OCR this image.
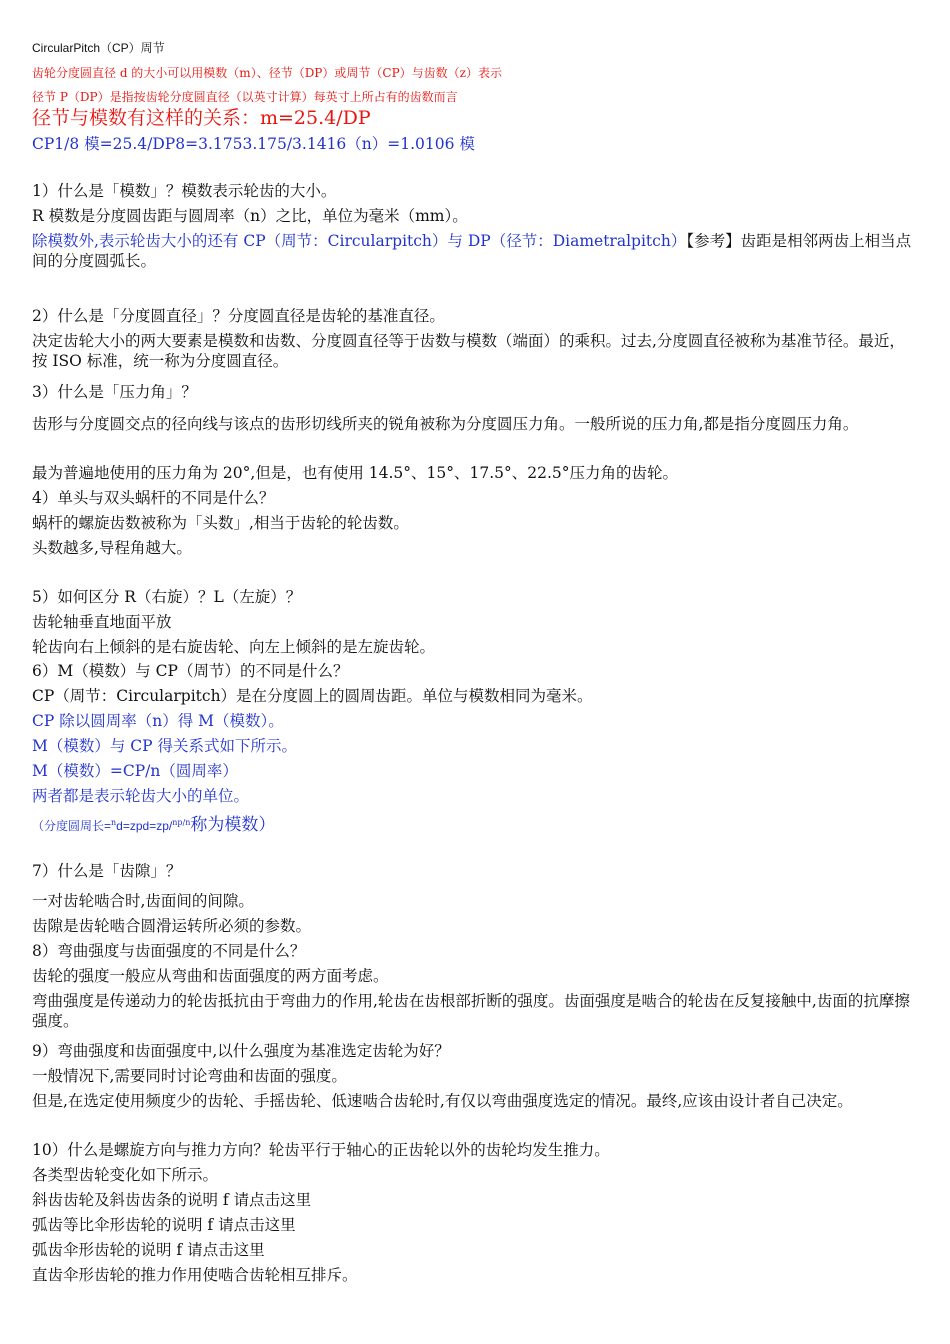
CircularPitch（CP）周节
齿轮分度圆直径 d 的大小可以用模数（m）、径节（DP）或周节（CP）与齿数（z）表示
径节 P（DP）是指按齿轮分度圆直径（以英寸计算）每英寸上所占有的齿数而言
径节与模数有这样的关系：m=25.4/DP
CP1/8 模=25.4/DP8=3.1753.175/3.1416（n）=1.0106 模
1）什么是「模数」？模数表示轮齿的大小。
R 模数是分度圆齿距与圆周率（n）之比，单位为毫米（mm）。
除模数外,表示轮齿大小的还有 CP（周节：Circularpitch）与 DP（径节：Diametralpitch）【参考】齿距是相邻两齿上相当点间的分度圆弧长。
2）什么是「分度圆直径」？分度圆直径是齿轮的基准直径。
决定齿轮大小的两大要素是模数和齿数、分度圆直径等于齿数与模数（端面）的乘积。过去,分度圆直径被称为基准节径。最近，按 ISO 标准，统一称为分度圆直径。
3）什么是「压力角」？
齿形与分度圆交点的径向线与该点的齿形切线所夹的锐角被称为分度圆压力角。一般所说的压力角,都是指分度圆压力角。
最为普遍地使用的压力角为 20°,但是，也有使用 14.5°、15°、17.5°、22.5°压力角的齿轮。
4）单头与双头蜗杆的不同是什么？
蜗杆的螺旋齿数被称为「头数」,相当于齿轮的轮齿数。
头数越多,导程角越大。
5）如何区分 R（右旋）？L（左旋）？
齿轮轴垂直地面平放
轮齿向右上倾斜的是右旋齿轮、向左上倾斜的是左旋齿轮。
6）M（模数）与 CP（周节）的不同是什么？
CP（周节：Circularpitch）是在分度圆上的圆周齿距。单位与模数相同为毫米。
CP 除以圆周率（n）得 M（模数）。
M（模数）与 CP 得关系式如下所示。
M（模数）=CP/n（圆周率）
两者都是表示轮齿大小的单位。
（分度圆周长=$^n$d=zpd=zp/$^{np/n}$称为模数）
7）什么是「齿隙」？
一对齿轮啮合时,齿面间的间隙。
齿隙是齿轮啮合圆滑运转所必须的参数。
8）弯曲强度与齿面强度的不同是什么？
齿轮的强度一般应从弯曲和齿面强度的两方面考虑。
弯曲强度是传递动力的轮齿抵抗由于弯曲力的作用,轮齿在齿根部折断的强度。齿面强度是啮合的轮齿在反复接触中,齿面的抗摩擦强度。
9）弯曲强度和齿面强度中,以什么强度为基准选定齿轮为好？
一般情况下,需要同时讨论弯曲和齿面的强度。
但是,在选定使用频度少的齿轮、手摇齿轮、低速啮合齿轮时,有仅以弯曲强度选定的情况。最终,应该由设计者自己决定。
10）什么是螺旋方向与推力方向？轮齿平行于轴心的正齿轮以外的齿轮均发生推力。
各类型齿轮变化如下所示。
斜齿齿轮及斜齿齿条的说明 f 请点击这里
弧齿等比伞形齿轮的说明 f 请点击这里
弧齿伞形齿轮的说明 f 请点击这里
直齿伞形齿轮的推力作用使啮合齿轮相互排斥。
